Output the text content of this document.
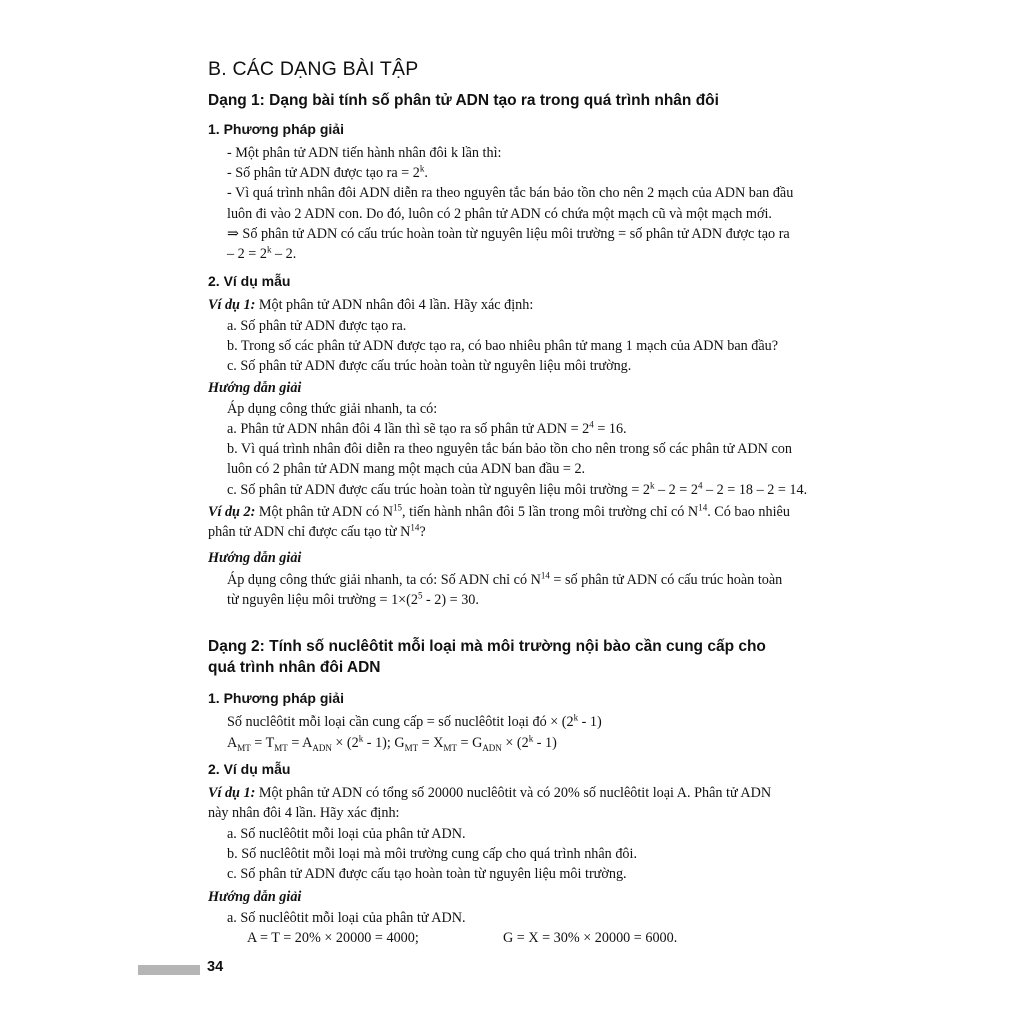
B. CÁC DẠNG BÀI TẬP
Dạng 1: Dạng bài tính số phân tử ADN tạo ra trong quá trình nhân đôi
1. Phương pháp giải
- Một phân tử ADN tiến hành nhân đôi k lần thì:
- Số phân tử ADN được tạo ra = $2^k$.
- Vì quá trình nhân đôi ADN diễn ra theo nguyên tắc bán bảo tồn cho nên 2 mạch của ADN ban đầu
luôn đi vào 2 ADN con. Do đó, luôn có 2 phân tử ADN có chứa một mạch cũ và một mạch mới.
⇒ Số phân tử ADN có cấu trúc hoàn toàn từ nguyên liệu môi trường = số phân tử ADN được tạo ra
– $2 = 2^k - 2$.
2. Ví dụ mẫu
Ví dụ 1: Một phân tử ADN nhân đôi 4 lần. Hãy xác định:
a. Số phân tử ADN được tạo ra.
b. Trong số các phân tử ADN được tạo ra, có bao nhiêu phân tử mang 1 mạch của ADN ban đầu?
c. Số phân tử ADN được cấu trúc hoàn toàn từ nguyên liệu môi trường.
Hướng dẫn giải
Áp dụng công thức giải nhanh, ta có:
a. Phân tử ADN nhân đôi 4 lần thì sẽ tạo ra số phân tử ADN = $2^4 = 16$.
b. Vì quá trình nhân đôi diễn ra theo nguyên tắc bán bảo tồn cho nên trong số các phân tử ADN con
luôn có 2 phân tử ADN mang một mạch của ADN ban đầu = 2.
c. Số phân tử ADN được cấu trúc hoàn toàn từ nguyên liệu môi trường = $2^k - 2 = 2^4 - 2 = 18 - 2 = 14$.
Ví dụ 2: Một phân tử ADN có $N^{15}$, tiến hành nhân đôi 5 lần trong môi trường chỉ có $N^{14}$. Có bao nhiêu
phân tử ADN chỉ được cấu tạo từ $N^{14}$?
Hướng dẫn giải
Áp dụng công thức giải nhanh, ta có: Số ADN chỉ có $N^{14}$ = số phân tử ADN có cấu trúc hoàn toàn
từ nguyên liệu môi trường = $1\times(2^5 - 2) = 30$.
Dạng 2: Tính số nuclêôtit mỗi loại mà môi trường nội bào cần cung cấp cho
quá trình nhân đôi ADN
1. Phương pháp giải
Số nuclêôtit mỗi loại cần cung cấp = số nuclêôtit loại đó × $(2^k - 1)$
$A_{MT} = T_{MT} = A_{ADN} \times (2^k - 1)$; $G_{MT} = X_{MT} = G_{ADN} \times (2^k - 1)$
2. Ví dụ mẫu
Ví dụ 1: Một phân tử ADN có tổng số 20000 nuclêôtit và có 20% số nuclêôtit loại A. Phân tử ADN
này nhân đôi 4 lần. Hãy xác định:
a. Số nuclêôtit mỗi loại của phân tử ADN.
b. Số nuclêôtit mỗi loại mà môi trường cung cấp cho quá trình nhân đôi.
c. Số phân tử ADN được cấu tạo hoàn toàn từ nguyên liệu môi trường.
Hướng dẫn giải
a. Số nuclêôtit mỗi loại của phân tử ADN.
A = T = 20% × 20000 = 4000;	G = X = 30% × 20000 = 6000.
34
